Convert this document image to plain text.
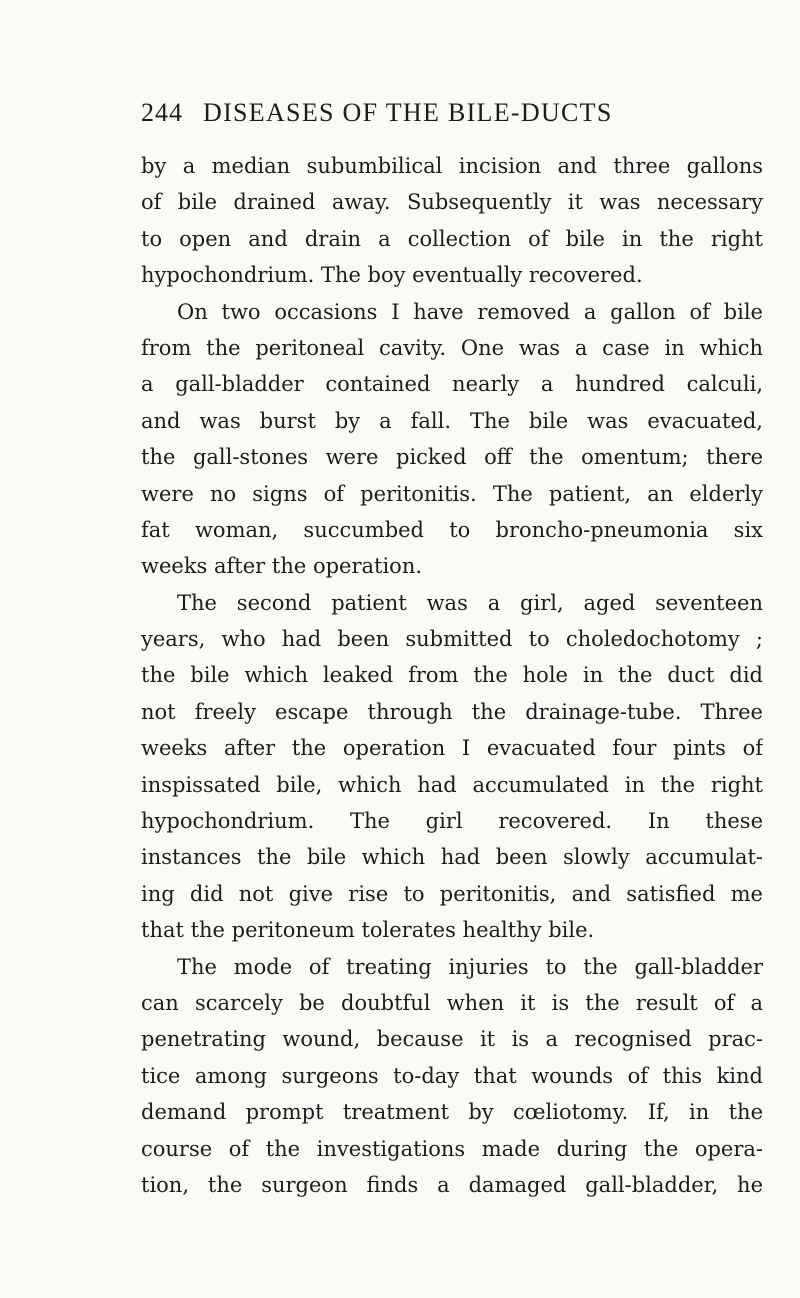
244 DISEASES OF THE BILE-DUCTS
by a median subumbilical incision and three gallons
of bile drained away. Subsequently it was necessary
to open and drain a collection of bile in the right
hypochondrium. The boy eventually recovered.
On two occasions I have removed a gallon of bile
from the peritoneal cavity. One was a case in which
a gall-bladder contained nearly a hundred calculi,
and was burst by a fall. The bile was evacuated,
the gall-stones were picked off the omentum; there
were no signs of peritonitis. The patient, an elderly
fat woman, succumbed to broncho-pneumonia six
weeks after the operation.
The second patient was a girl, aged seventeen
years, who had been submitted to choledochotomy ;
the bile which leaked from the hole in the duct did
not freely escape through the drainage-tube. Three
weeks after the operation I evacuated four pints of
inspissated bile, which had accumulated in the right
hypochondrium. The girl recovered. In these
instances the bile which had been slowly accumulat-
ing did not give rise to peritonitis, and satisfied me
that the peritoneum tolerates healthy bile.
The mode of treating injuries to the gall-bladder
can scarcely be doubtful when it is the result of a
penetrating wound, because it is a recognised prac-
tice among surgeons to-day that wounds of this kind
demand prompt treatment by cœliotomy. If, in the
course of the investigations made during the opera-
tion, the surgeon finds a damaged gall-bladder, he
